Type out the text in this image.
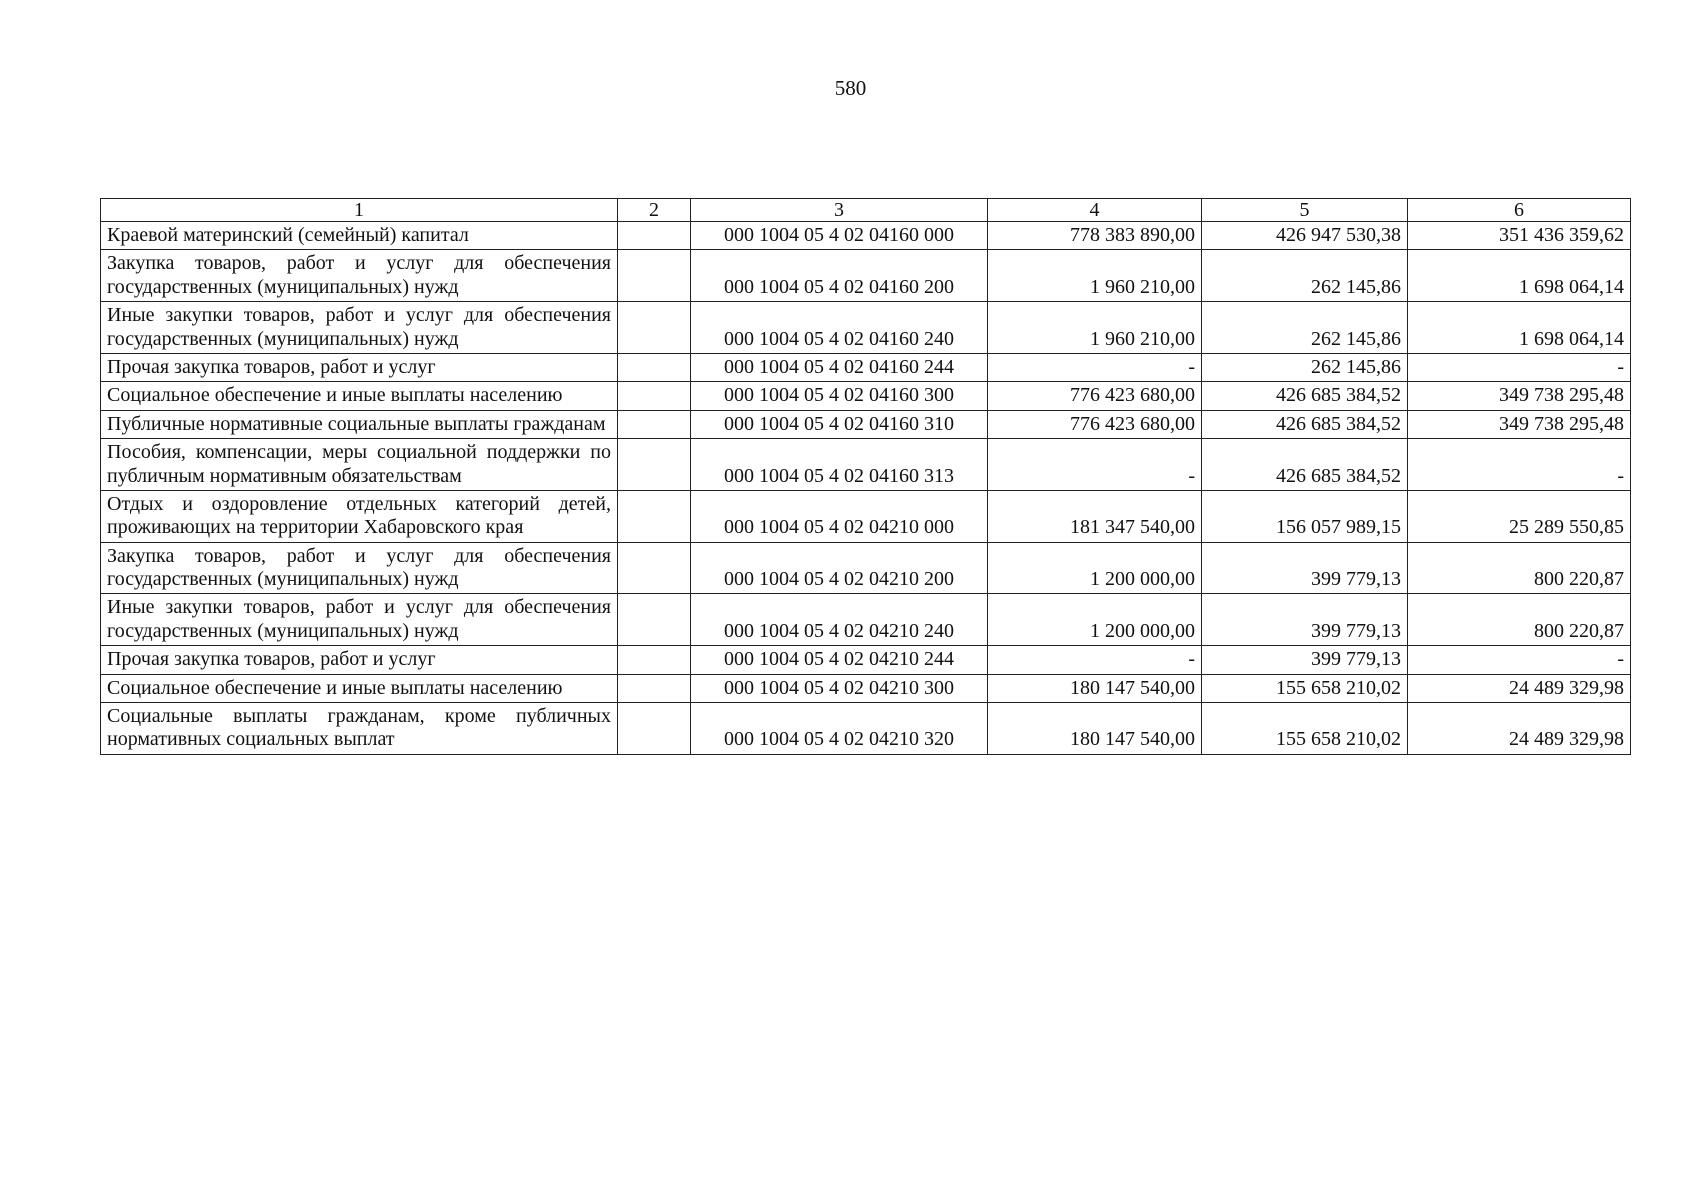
580
1	2	3	4	5	6
Краевой материнский (семейный) капитал		000 1004 05 4 02 04160 000	778 383 890,00	426 947 530,38	351 436 359,62
Закупка товаров, работ и услуг для обеспечения государственных (муниципальных) нужд		000 1004 05 4 02 04160 200	1 960 210,00	262 145,86	1 698 064,14
Иные закупки товаров, работ и услуг для обеспечения государственных (муниципальных) нужд		000 1004 05 4 02 04160 240	1 960 210,00	262 145,86	1 698 064,14
Прочая закупка товаров, работ и услуг		000 1004 05 4 02 04160 244	-	262 145,86	-
Социальное обеспечение и иные выплаты населению		000 1004 05 4 02 04160 300	776 423 680,00	426 685 384,52	349 738 295,48
Публичные нормативные социальные выплаты гражданам		000 1004 05 4 02 04160 310	776 423 680,00	426 685 384,52	349 738 295,48
Пособия, компенсации, меры социальной поддержки по публичным нормативным обязательствам		000 1004 05 4 02 04160 313	-	426 685 384,52	-
Отдых и оздоровление отдельных категорий детей, проживающих на территории Хабаровского края		000 1004 05 4 02 04210 000	181 347 540,00	156 057 989,15	25 289 550,85
Закупка товаров, работ и услуг для обеспечения государственных (муниципальных) нужд		000 1004 05 4 02 04210 200	1 200 000,00	399 779,13	800 220,87
Иные закупки товаров, работ и услуг для обеспечения государственных (муниципальных) нужд		000 1004 05 4 02 04210 240	1 200 000,00	399 779,13	800 220,87
Прочая закупка товаров, работ и услуг		000 1004 05 4 02 04210 244	-	399 779,13	-
Социальное обеспечение и иные выплаты населению		000 1004 05 4 02 04210 300	180 147 540,00	155 658 210,02	24 489 329,98
Социальные выплаты гражданам, кроме публичных нормативных социальных выплат		000 1004 05 4 02 04210 320	180 147 540,00	155 658 210,02	24 489 329,98
